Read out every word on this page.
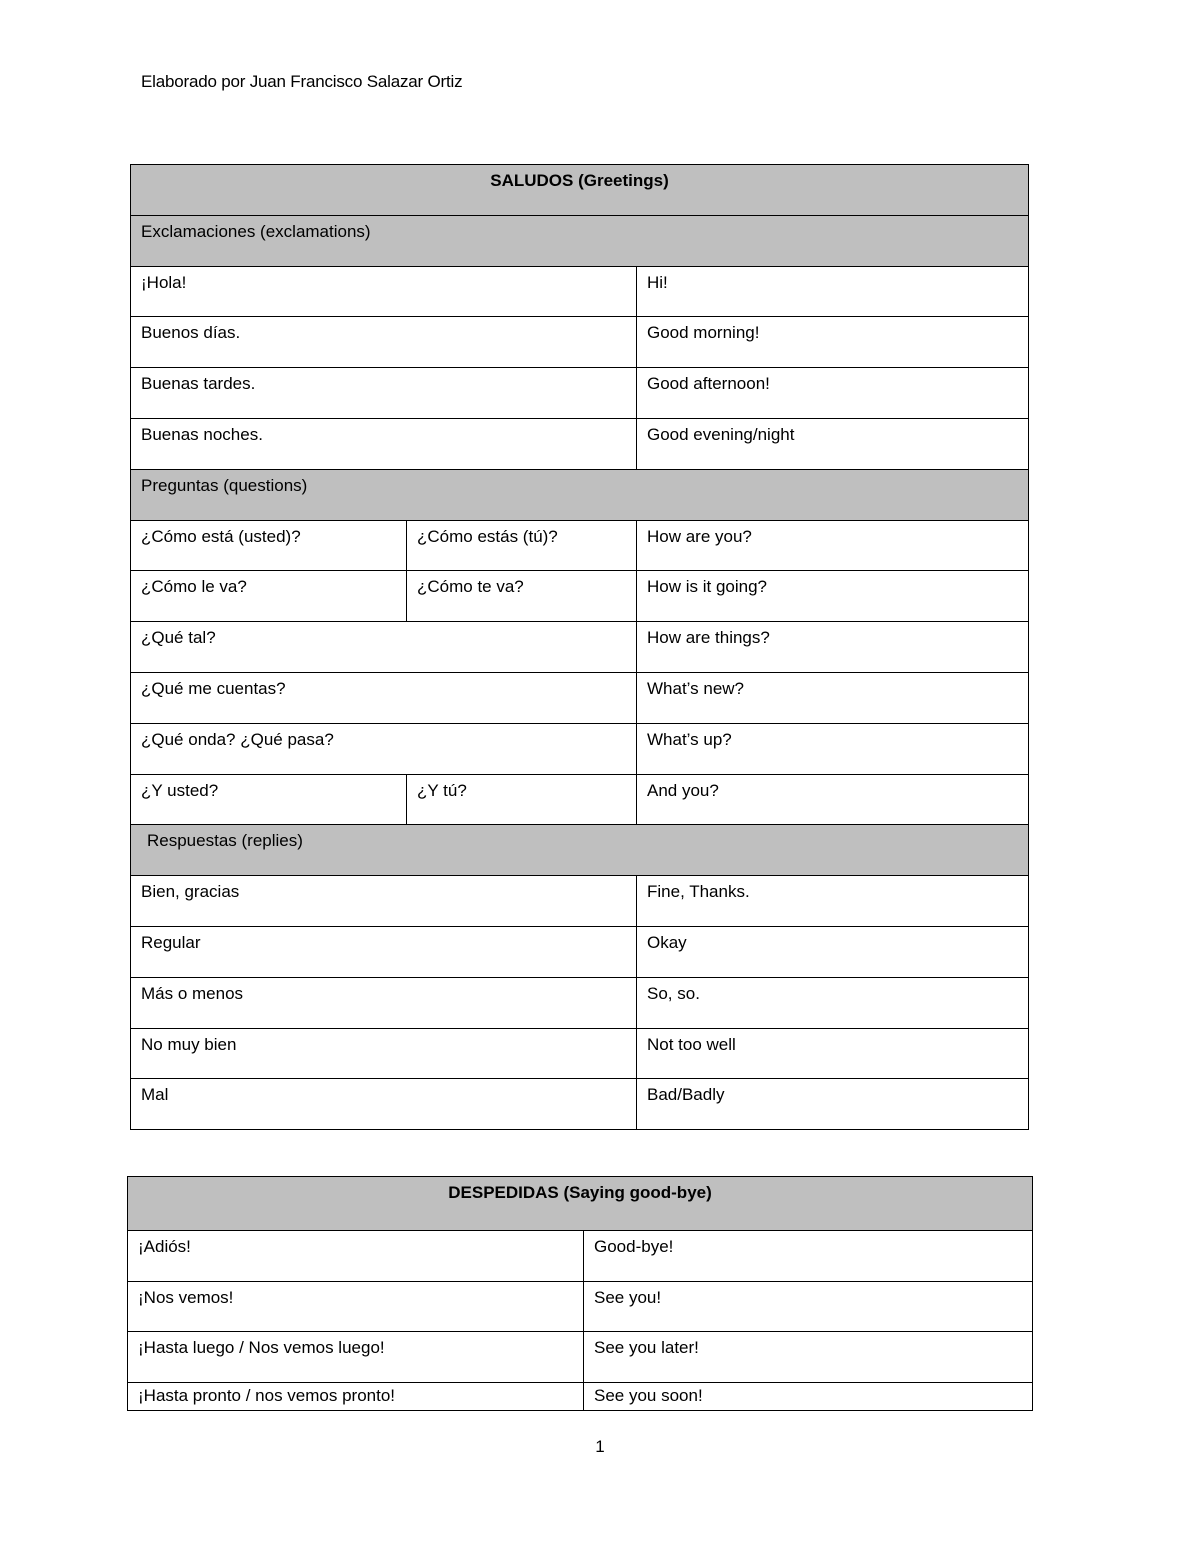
Elaborado por Juan Francisco Salazar Ortiz
SALUDOS (Greetings)		
Exclamaciones (exclamations)		
¡Hola!		Hi!
Buenos días.		Good morning!
Buenas tardes.		Good afternoon!
Buenas noches.		Good evening/night
Preguntas (questions)		
¿Cómo está (usted)?	¿Cómo estás (tú)?	How are you?
¿Cómo le va?	¿Cómo te va?	How is it going?
¿Qué tal?		How are things?
¿Qué me cuentas?		What’s new?
¿Qué onda? ¿Qué pasa?		What’s up?
¿Y usted?	¿Y tú?	And you?
Respuestas (replies)		
Bien, gracias		Fine, Thanks.
Regular		Okay
Más o menos		So, so.
No muy bien		Not too well
Mal		Bad/Badly
DESPEDIDAS (Saying good-bye)	
¡Adiós!	Good-bye!
¡Nos vemos!	See you!
¡Hasta luego / Nos vemos luego!	See you later!
¡Hasta pronto / nos vemos pronto!	See you soon!
1
